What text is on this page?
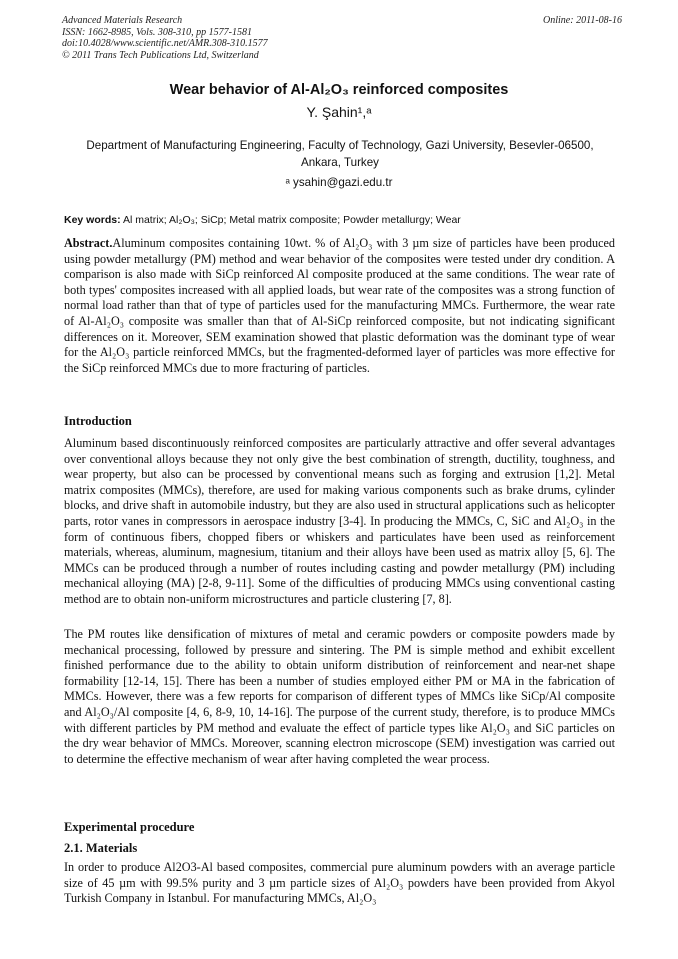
Advanced Materials Research
ISSN: 1662-8985, Vols. 308-310, pp 1577-1581
doi:10.4028/www.scientific.net/AMR.308-310.1577
© 2011 Trans Tech Publications Ltd, Switzerland
Online: 2011-08-16
Wear behavior of Al-Al₂O₃ reinforced composites
Y. Şahin¹,ᵃ
Department of Manufacturing Engineering, Faculty of Technology, Gazi University, Besevler-06500, Ankara, Turkey
ᵃ ysahin@gazi.edu.tr
Key words: Al matrix; Al₂O₃; SiCp; Metal matrix composite; Powder metallurgy; Wear
Abstract.Aluminum composites containing 10wt. % of Al₂O₃ with 3 µm size of particles have been produced using powder metallurgy (PM) method and wear behavior of the composites were tested under dry condition. A comparison is also made with SiCp reinforced Al composite produced at the same conditions. The wear rate of both types' composites increased with all applied loads, but wear rate of the composites was a strong function of normal load rather than that of type of particles used for the manufacturing MMCs. Furthermore, the wear rate of Al-Al₂O₃ composite was smaller than that of Al-SiCp reinforced composite, but not indicating significant differences on it. Moreover, SEM examination showed that plastic deformation was the dominant type of wear for the Al₂O₃ particle reinforced MMCs, but the fragmented-deformed layer of particles was more effective for the SiCp reinforced MMCs due to more fracturing of particles.
Introduction
Aluminum based discontinuously reinforced composites are particularly attractive and offer several advantages over conventional alloys because they not only give the best combination of strength, ductility, toughness, and wear property, but also can be processed by conventional means such as forging and extrusion [1,2]. Metal matrix composites (MMCs), therefore, are used for making various components such as brake drums, cylinder blocks, and drive shaft in automobile industry, but they are also used in structural applications such as helicopter parts, rotor vanes in compressors in aerospace industry [3-4]. In producing the MMCs, C, SiC and Al₂O₃ in the form of continuous fibers, chopped fibers or whiskers and particulates have been used as reinforcement materials, whereas, aluminum, magnesium, titanium and their alloys have been used as matrix alloy [5, 6]. The MMCs can be produced through a number of routes including casting and powder metallurgy (PM) including mechanical alloying (MA) [2-8, 9-11]. Some of the difficulties of producing MMCs using conventional casting method are to obtain non-uniform microstructures and particle clustering [7, 8].
The PM routes like densification of mixtures of metal and ceramic powders or composite powders made by mechanical processing, followed by pressure and sintering. The PM is simple method and exhibit excellent finished performance due to the ability to obtain uniform distribution of reinforcement and near-net shape formability [12-14, 15]. There has been a number of studies employed either PM or MA in the fabrication of MMCs. However, there was a few reports for comparison of different types of MMCs like SiCp/Al composite and Al₂O₃/Al composite [4, 6, 8-9, 10, 14-16]. The purpose of the current study, therefore, is to produce MMCs with different particles by PM method and evaluate the effect of particle types like Al₂O₃ and SiC particles on the dry wear behavior of MMCs. Moreover, scanning electron microscope (SEM) investigation was carried out to determine the effective mechanism of wear after having completed the wear process.
Experimental procedure
2.1. Materials
In order to produce Al2O3-Al based composites, commercial pure aluminum powders with an average particle size of 45 µm with 99.5% purity and 3 µm particle sizes of Al₂O₃ powders have been provided from Akyol Turkish Company in Istanbul. For manufacturing MMCs, Al₂O₃
